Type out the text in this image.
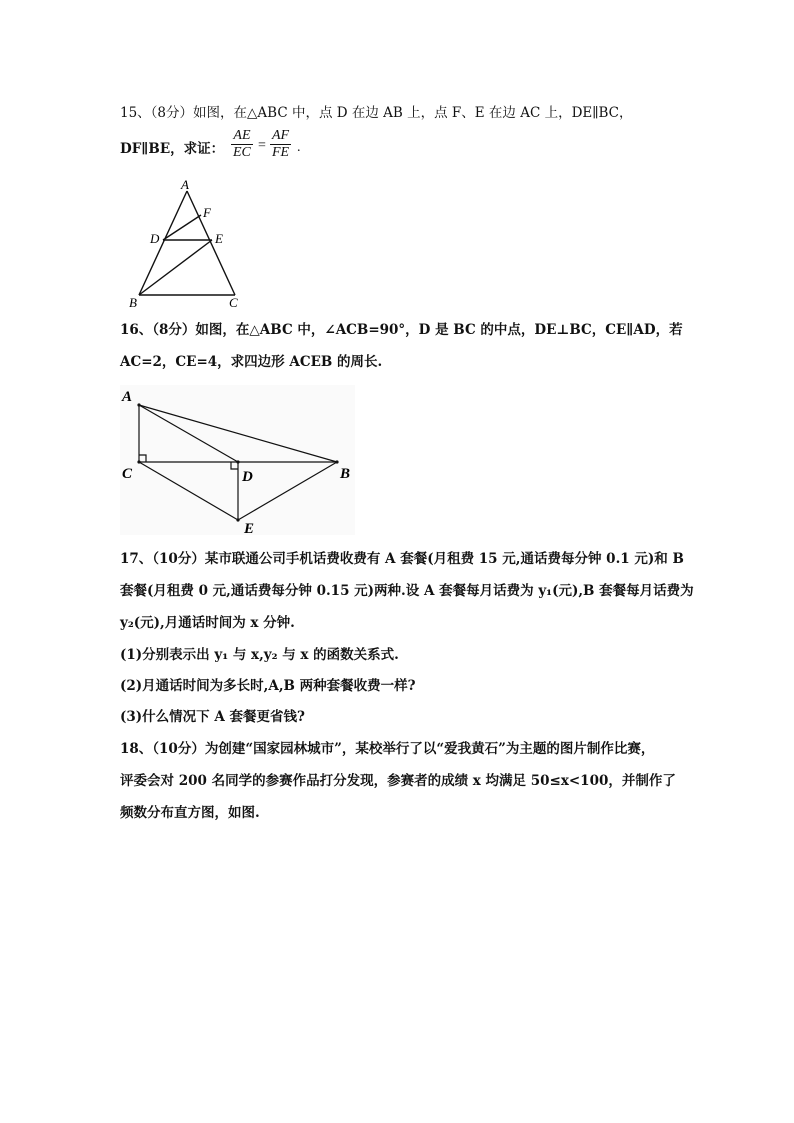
15、（8分）如图，在△ABC 中，点 D 在边 AB 上，点 F、E 在边 AC 上，DE∥BC，
DF∥BE，求证： $\frac{AE}{EC} = \frac{AF}{FE}$ .
A
F
D	E
B	C
16、（8分）如图，在△ABC 中，∠ACB=90°，D 是 BC 的中点，DE⊥BC，CE∥AD，若
AC=2，CE=4，求四边形 ACEB 的周长.
A
C	D	B
E
17、（10分）某市联通公司手机话费收费有 A 套餐(月租费 15 元,通话费每分钟 0.1 元)和 B
套餐(月租费 0 元,通话费每分钟 0.15 元)两种.设 A 套餐每月话费为 y₁(元),B 套餐每月话费为
y₂(元),月通话时间为 x 分钟.
(1)分别表示出 y₁ 与 x,y₂ 与 x 的函数关系式.
(2)月通话时间为多长时,A,B 两种套餐收费一样?
(3)什么情况下 A 套餐更省钱?
18、（10分）为创建“国家园林城市”，某校举行了以“爱我黄石”为主题的图片制作比赛，
评委会对 200 名同学的参赛作品打分发现，参赛者的成绩 x 均满足 50≤x<100，并制作了
频数分布直方图，如图.
